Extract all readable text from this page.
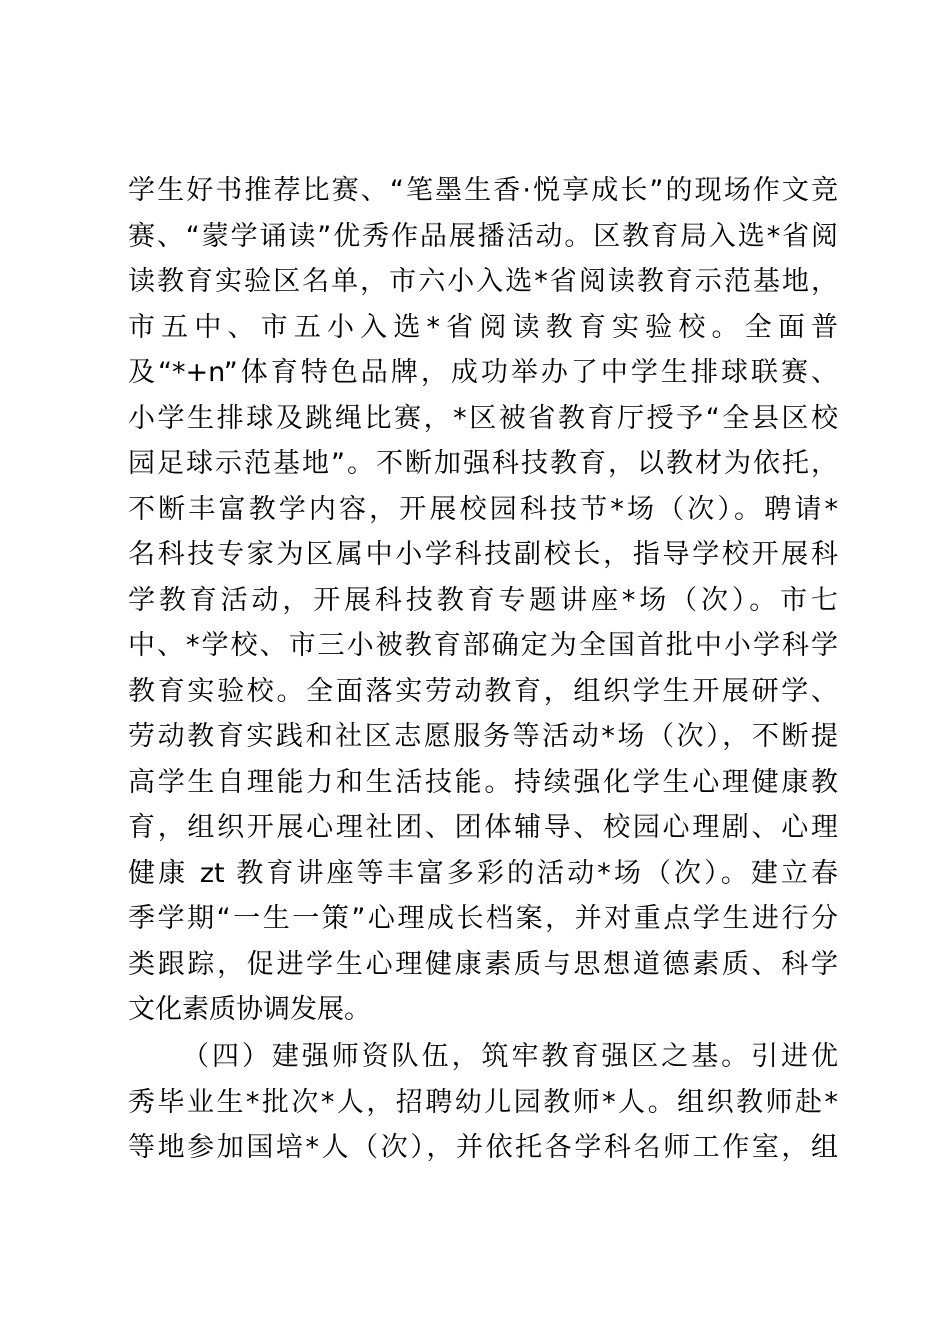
学生好书推荐比赛、“笔墨生香·悦享成长”的现场作文竞
赛、“蒙学诵读”优秀作品展播活动。区教育局入选*省阅
读教育实验区名单，市六小入选*省阅读教育示范基地，
市五中、市五小入选*省阅读教育实验校。全面普
及“*+n”体育特色品牌，成功举办了中学生排球联赛、
小学生排球及跳绳比赛，*区被省教育厅授予“全县区校
园足球示范基地”。不断加强科技教育，以教材为依托，
不断丰富教学内容，开展校园科技节*场（次）。聘请*
名科技专家为区属中小学科技副校长，指导学校开展科
学教育活动，开展科技教育专题讲座*场（次）。市七
中、*学校、市三小被教育部确定为全国首批中小学科学
教育实验校。全面落实劳动教育，组织学生开展研学、
劳动教育实践和社区志愿服务等活动*场（次），不断提
高学生自理能力和生活技能。持续强化学生心理健康教
育，组织开展心理社团、团体辅导、校园心理剧、心理
健康 zt 教育讲座等丰富多彩的活动*场（次）。建立春
季学期“一生一策”心理成长档案，并对重点学生进行分
类跟踪，促进学生心理健康素质与思想道德素质、科学
文化素质协调发展。
（四）建强师资队伍，筑牢教育强区之基。引进优
秀毕业生*批次*人，招聘幼儿园教师*人。组织教师赴*
等地参加国培*人（次），并依托各学科名师工作室，组
